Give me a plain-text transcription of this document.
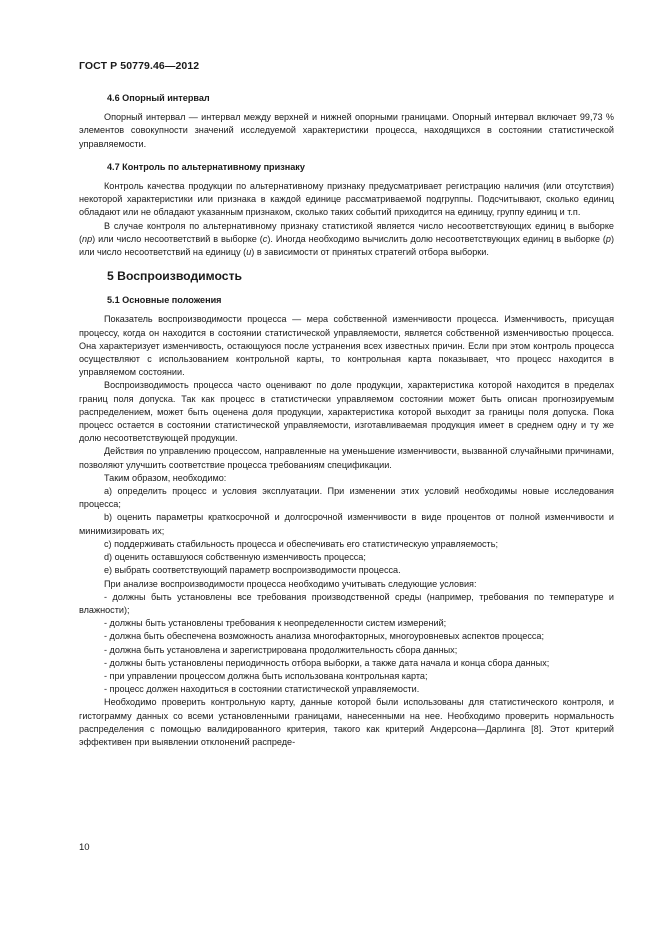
ГОСТ Р 50779.46—2012
4.6 Опорный интервал
Опорный интервал — интервал между верхней и нижней опорными границами. Опорный интервал включает 99,73 % элементов совокупности значений исследуемой характеристики процесса, находящихся в состоянии статистической управляемости.
4.7 Контроль по альтернативному признаку
Контроль качества продукции по альтернативному признаку предусматривает регистрацию наличия (или отсутствия) некоторой характеристики или признака в каждой единице рассматриваемой подгруппы. Подсчитывают, сколько единиц обладают или не обладают указанным признаком, сколько таких событий приходится на единицу, группу единиц и т.п.
В случае контроля по альтернативному признаку статистикой является число несоответствующих единиц в выборке (np) или число несоответствий в выборке (c). Иногда необходимо вычислить долю несоответствующих единиц в выборке (p) или число несоответствий на единицу (u) в зависимости от принятых стратегий отбора выборки.
5 Воспроизводимость
5.1 Основные положения
Показатель воспроизводимости процесса — мера собственной изменчивости процесса. Изменчивость, присущая процессу, когда он находится в состоянии статистической управляемости, является собственной изменчивостью процесса. Она характеризует изменчивость, остающуюся после устранения всех известных причин. Если при этом контроль процесса осуществляют с использованием контрольной карты, то контрольная карта показывает, что процесс находится в управляемом состоянии.
Воспроизводимость процесса часто оценивают по доле продукции, характеристика которой находится в пределах границ поля допуска. Так как процесс в статистически управляемом состоянии может быть описан прогнозируемым распределением, может быть оценена доля продукции, характеристика которой выходит за границы поля допуска. Пока процесс остается в состоянии статистической управляемости, изготавливаемая продукция имеет в среднем одну и ту же долю несоответствующей продукции.
Действия по управлению процессом, направленные на уменьшение изменчивости, вызванной случайными причинами, позволяют улучшить соответствие процесса требованиям спецификации.
Таким образом, необходимо:
a) определить процесс и условия эксплуатации. При изменении этих условий необходимы новые исследования процесса;
b) оценить параметры краткосрочной и долгосрочной изменчивости в виде процентов от полной изменчивости и минимизировать их;
c) поддерживать стабильность процесса и обеспечивать его статистическую управляемость;
d) оценить оставшуюся собственную изменчивость процесса;
e) выбрать соответствующий параметр воспроизводимости процесса.
При анализе воспроизводимости процесса необходимо учитывать следующие условия:
- должны быть установлены все требования производственной среды (например, требования по температуре и влажности);
- должны быть установлены требования к неопределенности систем измерений;
- должна быть обеспечена возможность анализа многофакторных, многоуровневых аспектов процесса;
- должна быть установлена и зарегистрирована продолжительность сбора данных;
- должны быть установлены периодичность отбора выборки, а также дата начала и конца сбора данных;
- при управлении процессом должна быть использована контрольная карта;
- процесс должен находиться в состоянии статистической управляемости.
Необходимо проверить контрольную карту, данные которой были использованы для статистического контроля, и гистограмму данных со всеми установленными границами, нанесенными на нее. Необходимо проверить нормальность распределения с помощью валидированного критерия, такого как критерий Андерсона—Дарлинга [8]. Этот критерий эффективен при выявлении отклонений распреде-
10
